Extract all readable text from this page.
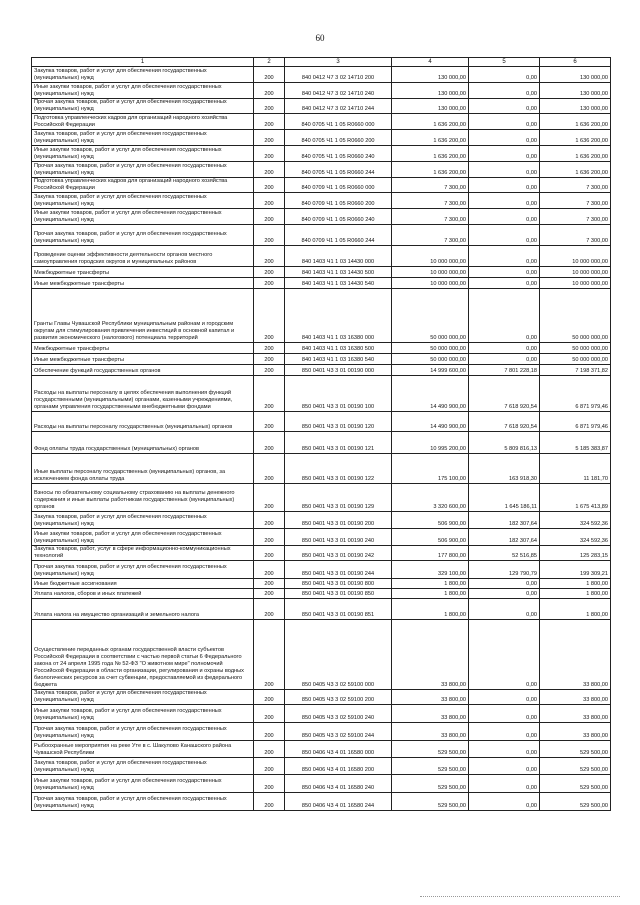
60
1	2	3	4	5	6
Закупка товаров, работ и услуг для обеспечения государственных (муниципальных) нужд	200	840 0412 Ч7 3 02 14710 200	130 000,00	0,00	130 000,00
Иные закупки товаров, работ и услуг для обеспечения государственных (муниципальных) нужд	200	840 0412 Ч7 3 02 14710 240	130 000,00	0,00	130 000,00
Прочая закупка товаров, работ и услуг для обеспечения государственных (муниципальных) нужд	200	840 0412 Ч7 3 02 14710 244	130 000,00	0,00	130 000,00
Подготовка управленческих кадров для организаций народного хозяйства Российской Федерации	200	840 0705 Ч1 1 05 R0660 000	1 636 200,00	0,00	1 636 200,00
Закупка товаров, работ и услуг для обеспечения государственных (муниципальных) нужд	200	840 0705 Ч1 1 05 R0660 200	1 636 200,00	0,00	1 636 200,00
Иные закупки товаров, работ и услуг для обеспечения государственных (муниципальных) нужд	200	840 0705 Ч1 1 05 R0660 240	1 636 200,00	0,00	1 636 200,00
Прочая закупка товаров, работ и услуг для обеспечения государственных (муниципальных) нужд	200	840 0705 Ч1 1 05 R0660 244	1 636 200,00	0,00	1 636 200,00
Подготовка управленческих кадров для организаций народного хозяйства Российской Федерации	200	840 0709 Ч1 1 05 R0660 000	7 300,00	0,00	7 300,00
Закупка товаров, работ и услуг для обеспечения государственных (муниципальных) нужд	200	840 0709 Ч1 1 05 R0660 200	7 300,00	0,00	7 300,00
Иные закупки товаров, работ и услуг для обеспечения государственных (муниципальных) нужд	200	840 0709 Ч1 1 05 R0660 240	7 300,00	0,00	7 300,00
Прочая закупка товаров, работ и услуг для обеспечения государственных (муниципальных) нужд	200	840 0709 Ч1 1 05 R0660 244	7 300,00	0,00	7 300,00
Проведение оценки эффективности деятельности органов местного самоуправления городских округов и муниципальных районов	200	840 1403 Ч1 1 03 14430 000	10 000 000,00	0,00	10 000 000,00
Межбюджетные трансферты	200	840 1403 Ч1 1 03 14430 500	10 000 000,00	0,00	10 000 000,00
Иные межбюджетные трансферты	200	840 1403 Ч1 1 03 14430 540	10 000 000,00	0,00	10 000 000,00
Гранты Главы Чувашской Республики муниципальным районам и городским округам для стимулирования привлечения инвестиций в основной капитал и развития экономического (налогового) потенциала территорий	200	840 1403 Ч1 1 03 16380 000	50 000 000,00	0,00	50 000 000,00
Межбюджетные трансферты	200	840 1403 Ч1 1 03 16380 500	50 000 000,00	0,00	50 000 000,00
Иные межбюджетные трансферты	200	840 1403 Ч1 1 03 16380 540	50 000 000,00	0,00	50 000 000,00
Обеспечение функций государственных органов	200	850 0401 Ч3 3 01 00190 000	14 999 600,00	7 801 228,18	7 198 371,82
Расходы на выплаты персоналу в целях обеспечения выполнения функций государственными (муниципальными) органами, казенными учреждениями, органами управления государственными внебюджетными фондами	200	850 0401 Ч3 3 01 00190 100	14 490 900,00	7 618 920,54	6 871 979,46
Расходы на выплаты персоналу государственных (муниципальных) органов	200	850 0401 Ч3 3 01 00190 120	14 490 900,00	7 618 920,54	6 871 979,46
Фонд оплаты труда государственных (муниципальных) органов	200	850 0401 Ч3 3 01 00190 121	10 995 200,00	5 809 816,13	5 185 383,87
Иные выплаты персоналу государственных (муниципальных) органов, за исключением фонда оплаты труда	200	850 0401 Ч3 3 01 00190 122	175 100,00	163 918,30	11 181,70
Взносы по обязательному социальному страхованию на выплаты денежного содержания и иные выплаты работникам государственных (муниципальных) органов	200	850 0401 Ч3 3 01 00190 129	3 320 600,00	1 645 186,11	1 675 413,89
Закупка товаров, работ и услуг для обеспечения государственных (муниципальных) нужд	200	850 0401 Ч3 3 01 00190 200	506 900,00	182 307,64	324 592,36
Иные закупки товаров, работ и услуг для обеспечения государственных (муниципальных) нужд	200	850 0401 Ч3 3 01 00190 240	506 900,00	182 307,64	324 592,36
Закупка товаров, работ, услуг в сфере информационно-коммуникационных технологий	200	850 0401 Ч3 3 01 00190 242	177 800,00	52 516,85	125 283,15
Прочая закупка товаров, работ и услуг для обеспечения государственных (муниципальных) нужд	200	850 0401 Ч3 3 01 00190 244	329 100,00	129 790,79	199 309,21
Иные бюджетные ассигнования	200	850 0401 Ч3 3 01 00190 800	1 800,00	0,00	1 800,00
Уплата налогов, сборов и иных платежей	200	850 0401 Ч3 3 01 00190 850	1 800,00	0,00	1 800,00
Уплата налога на имущество организаций и земельного налога	200	850 0401 Ч3 3 01 00190 851	1 800,00	0,00	1 800,00
Осуществление переданных органам государственной власти субъектов Российской Федерации в соответствии с частью первой статьи 6 Федерального закона от 24 апреля 1995 года № 52-ФЗ "О животном мире" полномочий Российской Федерации в области организации, регулирования и охраны водных биологических ресурсов за счет субвенции, предоставляемой из федерального бюджета	200	850 0405 Ч3 3 02 59100 000	33 800,00	0,00	33 800,00
Закупка товаров, работ и услуг для обеспечения государственных (муниципальных) нужд	200	850 0405 Ч3 3 02 59100 200	33 800,00	0,00	33 800,00
Иные закупки товаров, работ и услуг для обеспечения государственных (муниципальных) нужд	200	850 0405 Ч3 3 02 59100 240	33 800,00	0,00	33 800,00
Прочая закупка товаров, работ и услуг для обеспечения государственных (муниципальных) нужд	200	850 0405 Ч3 3 02 59100 244	33 800,00	0,00	33 800,00
Рыбоохранные мероприятия на реке Уте в с. Шакулово Канашского района Чувашской Республики	200	850 0406 Ч3 4 01 16580 000	529 500,00	0,00	529 500,00
Закупка товаров, работ и услуг для обеспечения государственных (муниципальных) нужд	200	850 0406 Ч3 4 01 16580 200	529 500,00	0,00	529 500,00
Иные закупки товаров, работ и услуг для обеспечения государственных (муниципальных) нужд	200	850 0406 Ч3 4 01 16580 240	529 500,00	0,00	529 500,00
Прочая закупка товаров, работ и услуг для обеспечения государственных (муниципальных) нужд	200	850 0406 Ч3 4 01 16580 244	529 500,00	0,00	529 500,00
